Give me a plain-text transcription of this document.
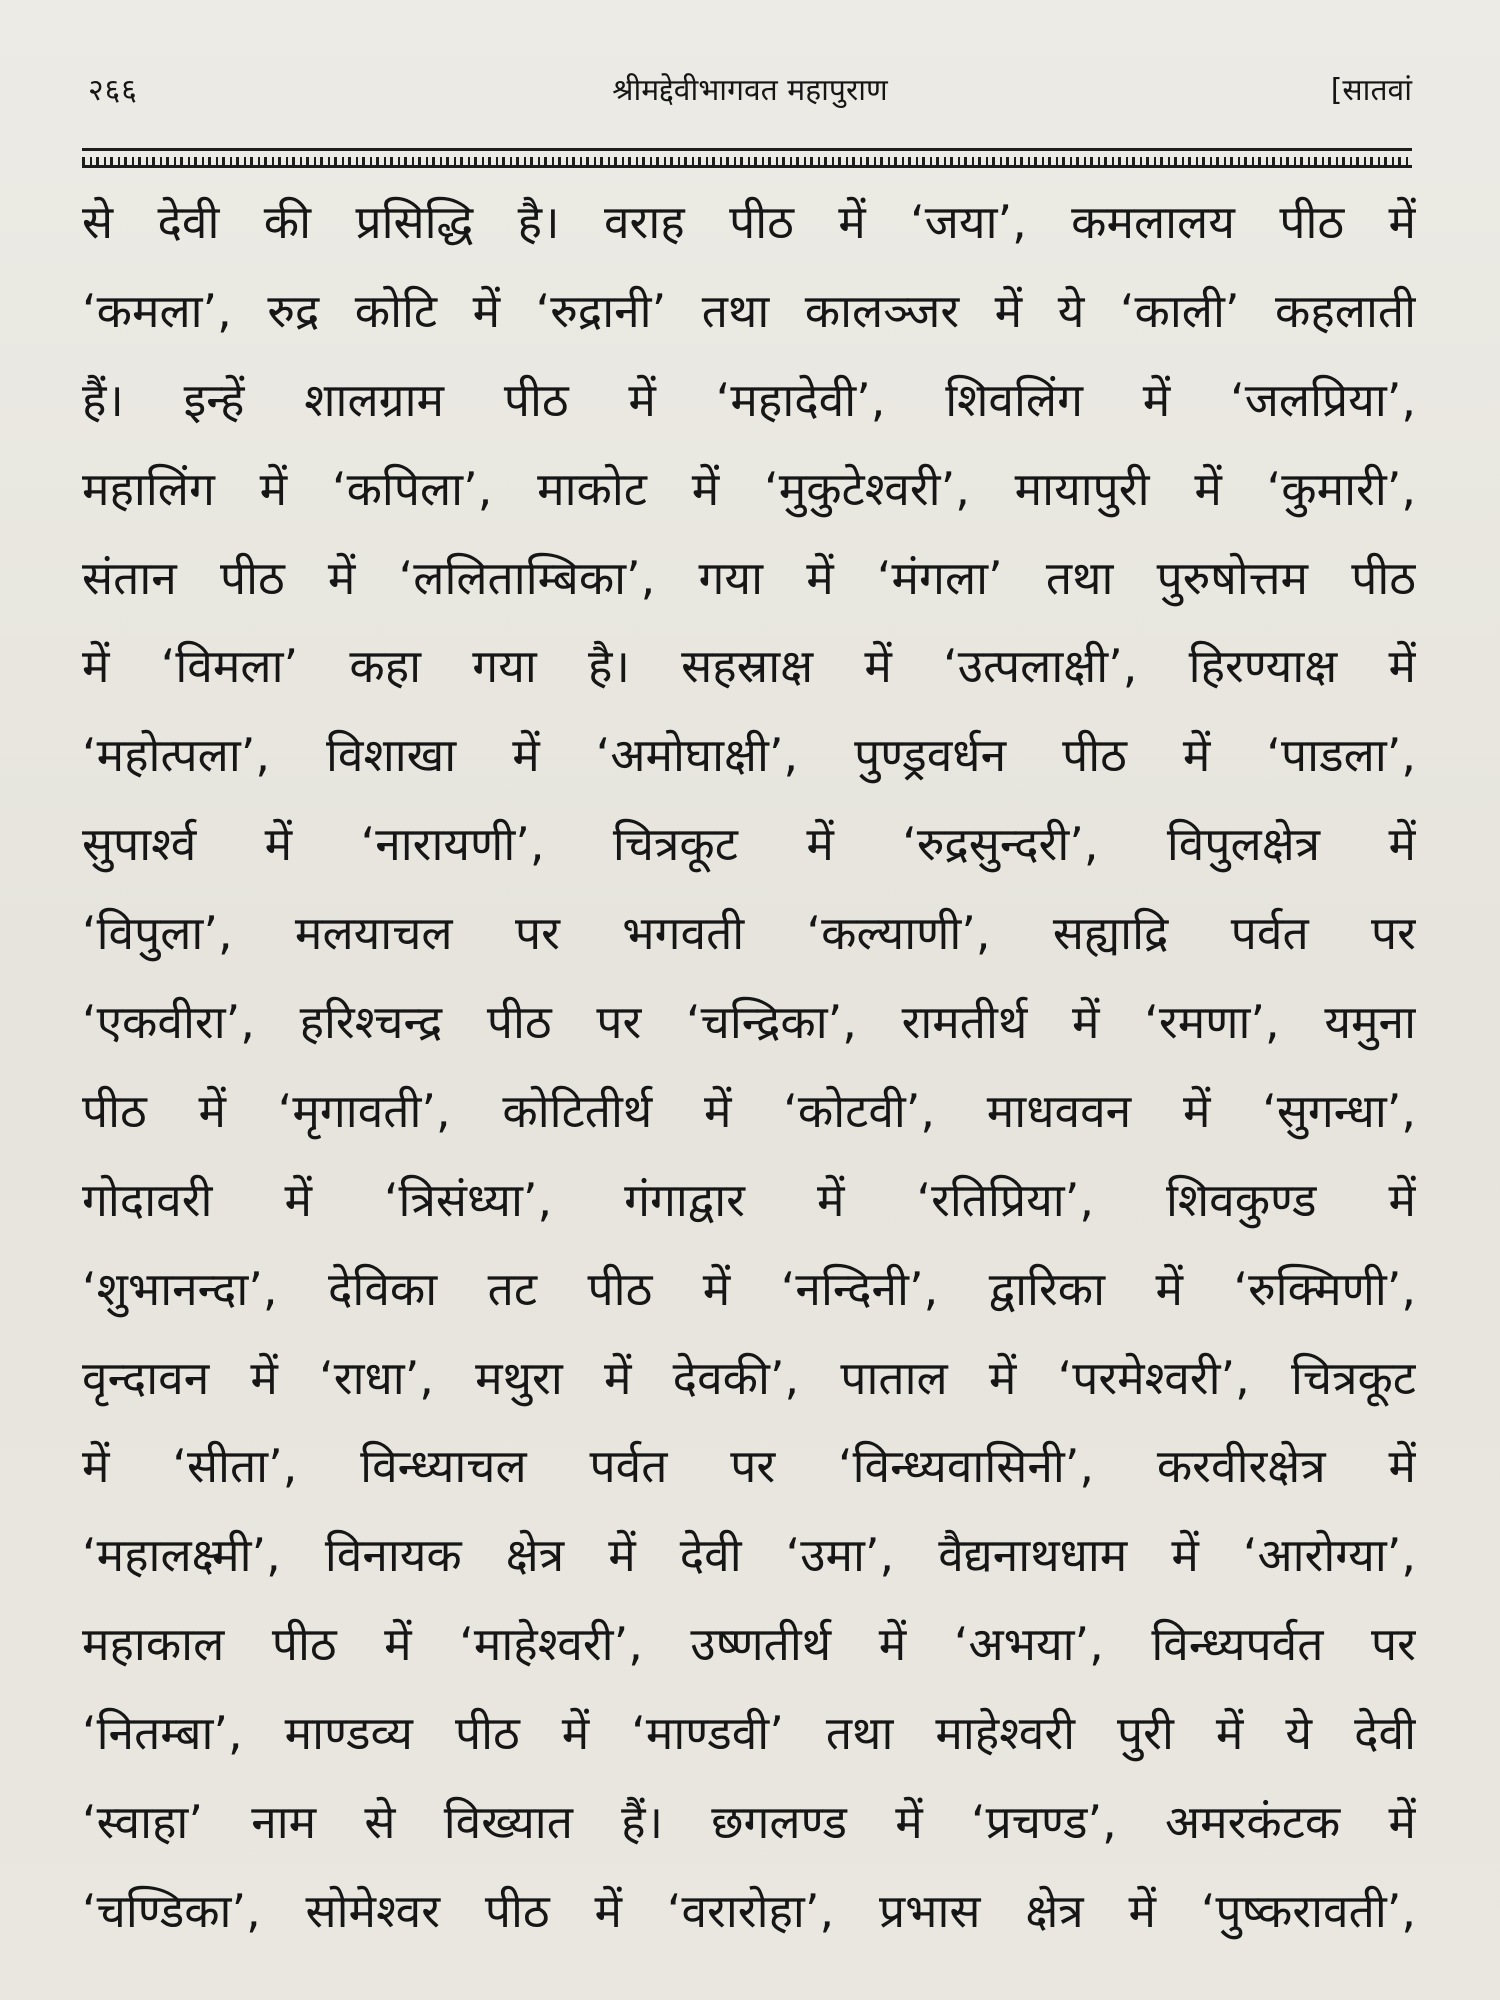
२६६	श्रीमद्देवीभागवत महापुराण	[सातवां
से देवी की प्रसिद्धि है। वराह पीठ में ‘जया’, कमलालय पीठ में
‘कमला’, रुद्र कोटि में ‘रुद्रानी’ तथा कालञ्जर में ये ‘काली’ कहलाती
हैं। इन्हें शालग्राम पीठ में ‘महादेवी’, शिवलिंग में ‘जलप्रिया’,
महालिंग में ‘कपिला’, माकोट में ‘मुकुटेश्वरी’, मायापुरी में ‘कुमारी’,
संतान पीठ में ‘ललिताम्बिका’, गया में ‘मंगला’ तथा पुरुषोत्तम पीठ
में ‘विमला’ कहा गया है। सहस्राक्ष में ‘उत्पलाक्षी’, हिरण्याक्ष में
‘महोत्पला’, विशाखा में ‘अमोघाक्षी’, पुण्ड्रवर्धन पीठ में ‘पाडला’,
सुपार्श्व में ‘नारायणी’, चित्रकूट में ‘रुद्रसुन्दरी’, विपुलक्षेत्र में
‘विपुला’, मलयाचल पर भगवती ‘कल्याणी’, सह्याद्रि पर्वत पर
‘एकवीरा’, हरिश्चन्द्र पीठ पर ‘चन्द्रिका’, रामतीर्थ में ‘रमणा’, यमुना
पीठ में ‘मृगावती’, कोटितीर्थ में ‘कोटवी’, माधववन में ‘सुगन्धा’,
गोदावरी में ‘त्रिसंध्या’, गंगाद्वार में ‘रतिप्रिया’, शिवकुण्ड में
‘शुभानन्दा’, देविका तट पीठ में ‘नन्दिनी’, द्वारिका में ‘रुक्मिणी’,
वृन्दावन में ‘राधा’, मथुरा में देवकी’, पाताल में ‘परमेश्वरी’, चित्रकूट
में ‘सीता’, विन्ध्याचल पर्वत पर ‘विन्ध्यवासिनी’, करवीरक्षेत्र में
‘महालक्ष्मी’, विनायक क्षेत्र में देवी ‘उमा’, वैद्यनाथधाम में ‘आरोग्या’,
महाकाल पीठ में ‘माहेश्वरी’, उष्णतीर्थ में ‘अभया’, विन्ध्यपर्वत पर
‘नितम्बा’, माण्डव्य पीठ में ‘माण्डवी’ तथा माहेश्वरी पुरी में ये देवी
‘स्वाहा’ नाम से विख्यात हैं। छगलण्ड में ‘प्रचण्ड’, अमरकंटक में
‘चण्डिका’, सोमेश्वर पीठ में ‘वरारोहा’, प्रभास क्षेत्र में ‘पुष्करावती’,
